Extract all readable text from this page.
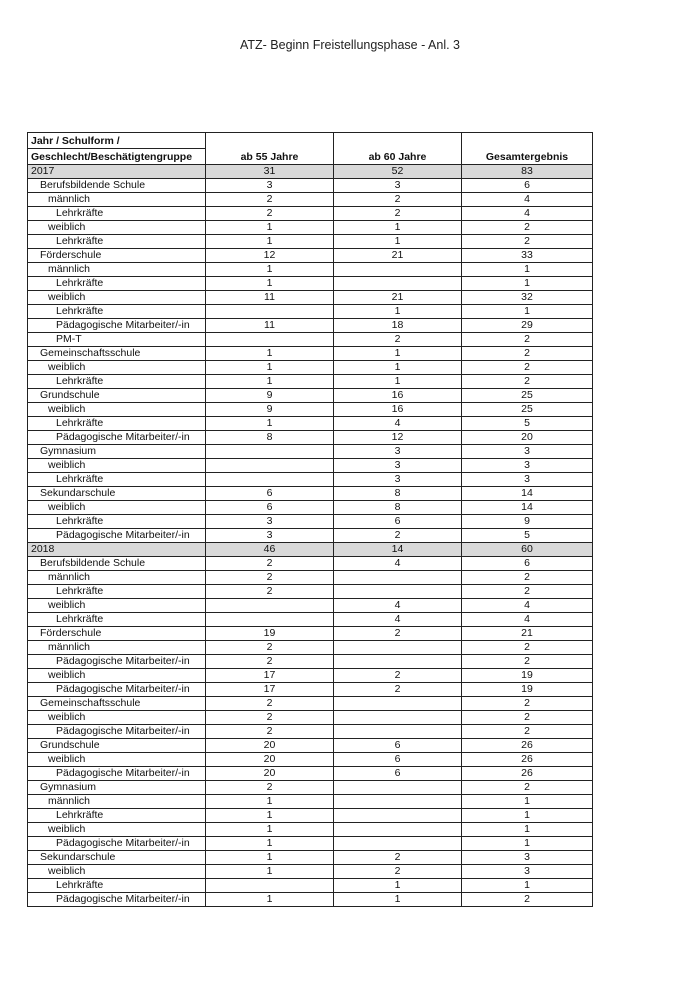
ATZ- Beginn Freistellungsphase - Anl. 3
Jahr / Schulform /	ab 55 Jahre	ab 60 Jahre	Gesamtergebnis
Geschlecht/Beschätigtengruppe			
2017	31	52	83
Berufsbildende Schule	3	3	6
männlich	2	2	4
Lehrkräfte	2	2	4
weiblich	1	1	2
Lehrkräfte	1	1	2
Förderschule	12	21	33
männlich	1		1
Lehrkräfte	1		1
weiblich	11	21	32
Lehrkräfte		1	1
Pädagogische Mitarbeiter/-in	11	18	29
PM-T		2	2
Gemeinschaftsschule	1	1	2
weiblich	1	1	2
Lehrkräfte	1	1	2
Grundschule	9	16	25
weiblich	9	16	25
Lehrkräfte	1	4	5
Pädagogische Mitarbeiter/-in	8	12	20
Gymnasium		3	3
weiblich		3	3
Lehrkräfte		3	3
Sekundarschule	6	8	14
weiblich	6	8	14
Lehrkräfte	3	6	9
Pädagogische Mitarbeiter/-in	3	2	5
2018	46	14	60
Berufsbildende Schule	2	4	6
männlich	2		2
Lehrkräfte	2		2
weiblich		4	4
Lehrkräfte		4	4
Förderschule	19	2	21
männlich	2		2
Pädagogische Mitarbeiter/-in	2		2
weiblich	17	2	19
Pädagogische Mitarbeiter/-in	17	2	19
Gemeinschaftsschule	2		2
weiblich	2		2
Pädagogische Mitarbeiter/-in	2		2
Grundschule	20	6	26
weiblich	20	6	26
Pädagogische Mitarbeiter/-in	20	6	26
Gymnasium	2		2
männlich	1		1
Lehrkräfte	1		1
weiblich	1		1
Pädagogische Mitarbeiter/-in	1		1
Sekundarschule	1	2	3
weiblich	1	2	3
Lehrkräfte		1	1
Pädagogische Mitarbeiter/-in	1	1	2
